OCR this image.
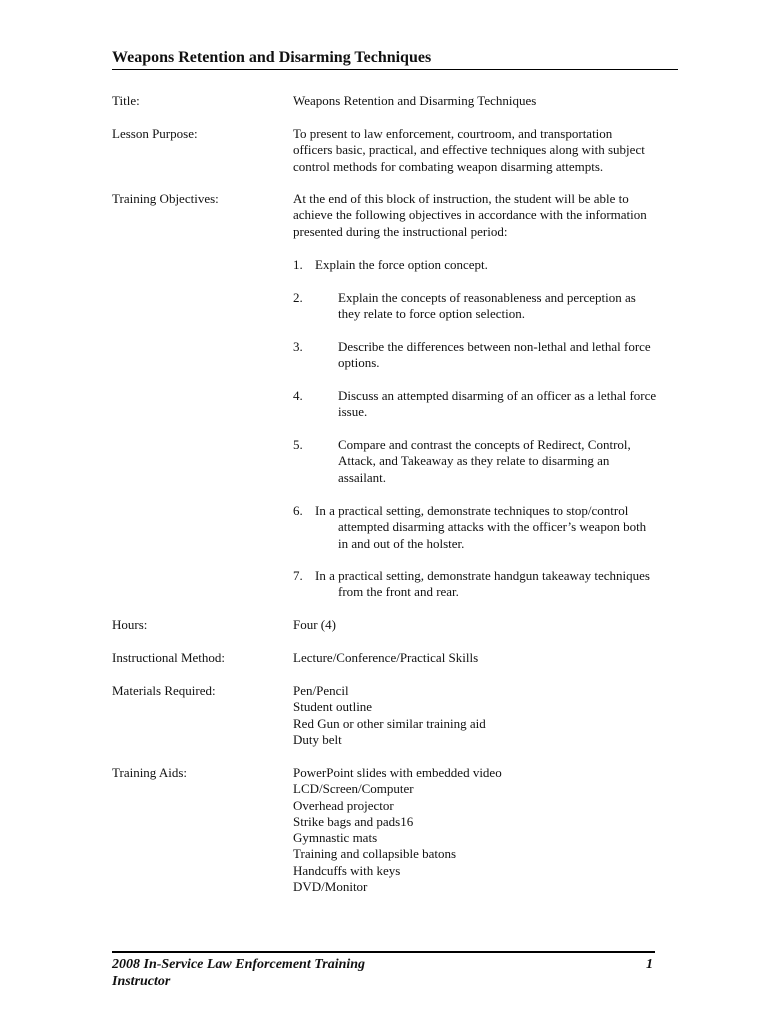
Weapons Retention and Disarming Techniques
Title:	Weapons Retention and Disarming Techniques
Lesson Purpose:	To present to law enforcement, courtroom, and transportation
officers basic, practical, and effective techniques along with subject
control methods for combating weapon disarming attempts.
Training Objectives:	At the end of this block of instruction, the student will be able to
achieve the following objectives in accordance with the information
presented during the instructional period:
1. Explain the force option concept.
2.	Explain the concepts of reasonableness and perception as
they relate to force option selection.
3.	Describe the differences between non-lethal and lethal force
options.
4.	Discuss an attempted disarming of an officer as a lethal force
issue.
5.	Compare and contrast the concepts of Redirect, Control,
Attack, and Takeaway as they relate to disarming an
assailant.
6. In a practical setting, demonstrate techniques to stop/control
attempted disarming attacks with the officer’s weapon both
in and out of the holster.
7. In a practical setting, demonstrate handgun takeaway techniques
from the front and rear.
Hours:	Four (4)
Instructional Method:	Lecture/Conference/Practical Skills
Materials Required:	Pen/Pencil
Student outline
Red Gun or other similar training aid
Duty belt
Training Aids:	PowerPoint slides with embedded video
LCD/Screen/Computer
Overhead projector
Strike bags and pads16
Gymnastic mats
Training and collapsible batons
Handcuffs with keys
DVD/Monitor
2008 In-Service Law Enforcement Training
Instructor
1
